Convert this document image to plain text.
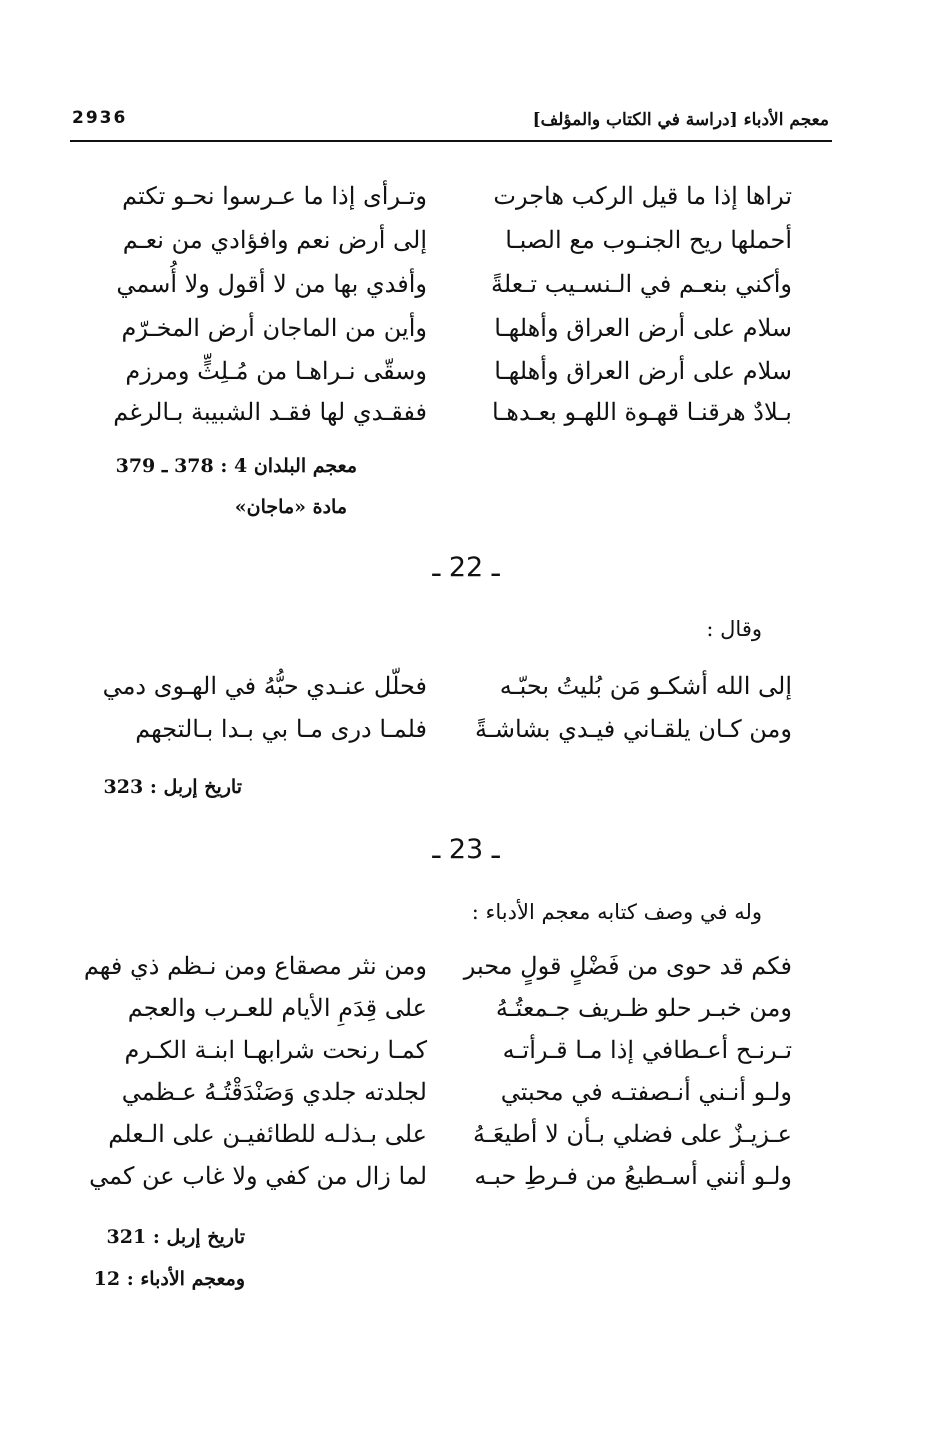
2936	معجم الأدباء [دراسة في الكتاب والمؤلف]
تراها إذا ما قيل الركب هاجرت
وتـرأى إذا ما عـرسوا نحـو تكتم
أحملها ريح الجنـوب مع الصبـا
إلى أرض نعم وافؤادي من نعـم
وأكني بنعـم في الـنسـيب تـعلةً
وأفدي بها من لا أقول ولا أُسمي
سلام على أرض العراق وأهلهـا
وأين من الماجان أرض المخـرّم
سلام على أرض العراق وأهلهـا
وسقّى نـراهـا من مُـلِثٍّ ومرزم
بـلادٌ هرقنـا قهـوة اللهـو بعـدهـا
ففقـدي لها فقـد الشبيبة بـالرغم
معجم البلدان 4 : 378 ـ 379
مادة «ماجان»
ـ 22 ـ
وقال :
إلى الله أشكـو مَن بُليتُ بحبّـه
فحلّل عنـدي حبُّهُ في الهـوى دمي
ومن كـان يلقـاني فيـدي بشاشـةً
فلمـا درى مـا بي بـدا بـالتجهم
تاريخ إربل : 323
ـ 23 ـ
وله في وصف كتابه معجم الأدباء :
فكم قد حوى من فَضْلٍ قولٍ محبر
ومن نثر مصقاع ومن نـظم ذي فهم
ومن خبـر حلو ظـريف جـمعتُـهُ
على قِدَمِ الأيام للعـرب والعجم
تـرنـح أعـطافي إذا مـا قـرأتـه
كمـا رنحت شرابهـا ابنـة الكـرم
ولـو أنـني أنـصفتـه في محبتي
لجلدته جلدي وَصَنْدَقْتُـهُ عـظمي
عـزيـزٌ على فضلي بـأن لا أطيعَـهُ
على بـذلـه للطائفيـن على الـعلم
ولـو أنني أسـطيعُ من فـرطِ حبـه
لما زال من كفي ولا غاب عن كمي
تاريخ إربل : 321
ومعجم الأدباء : 12
